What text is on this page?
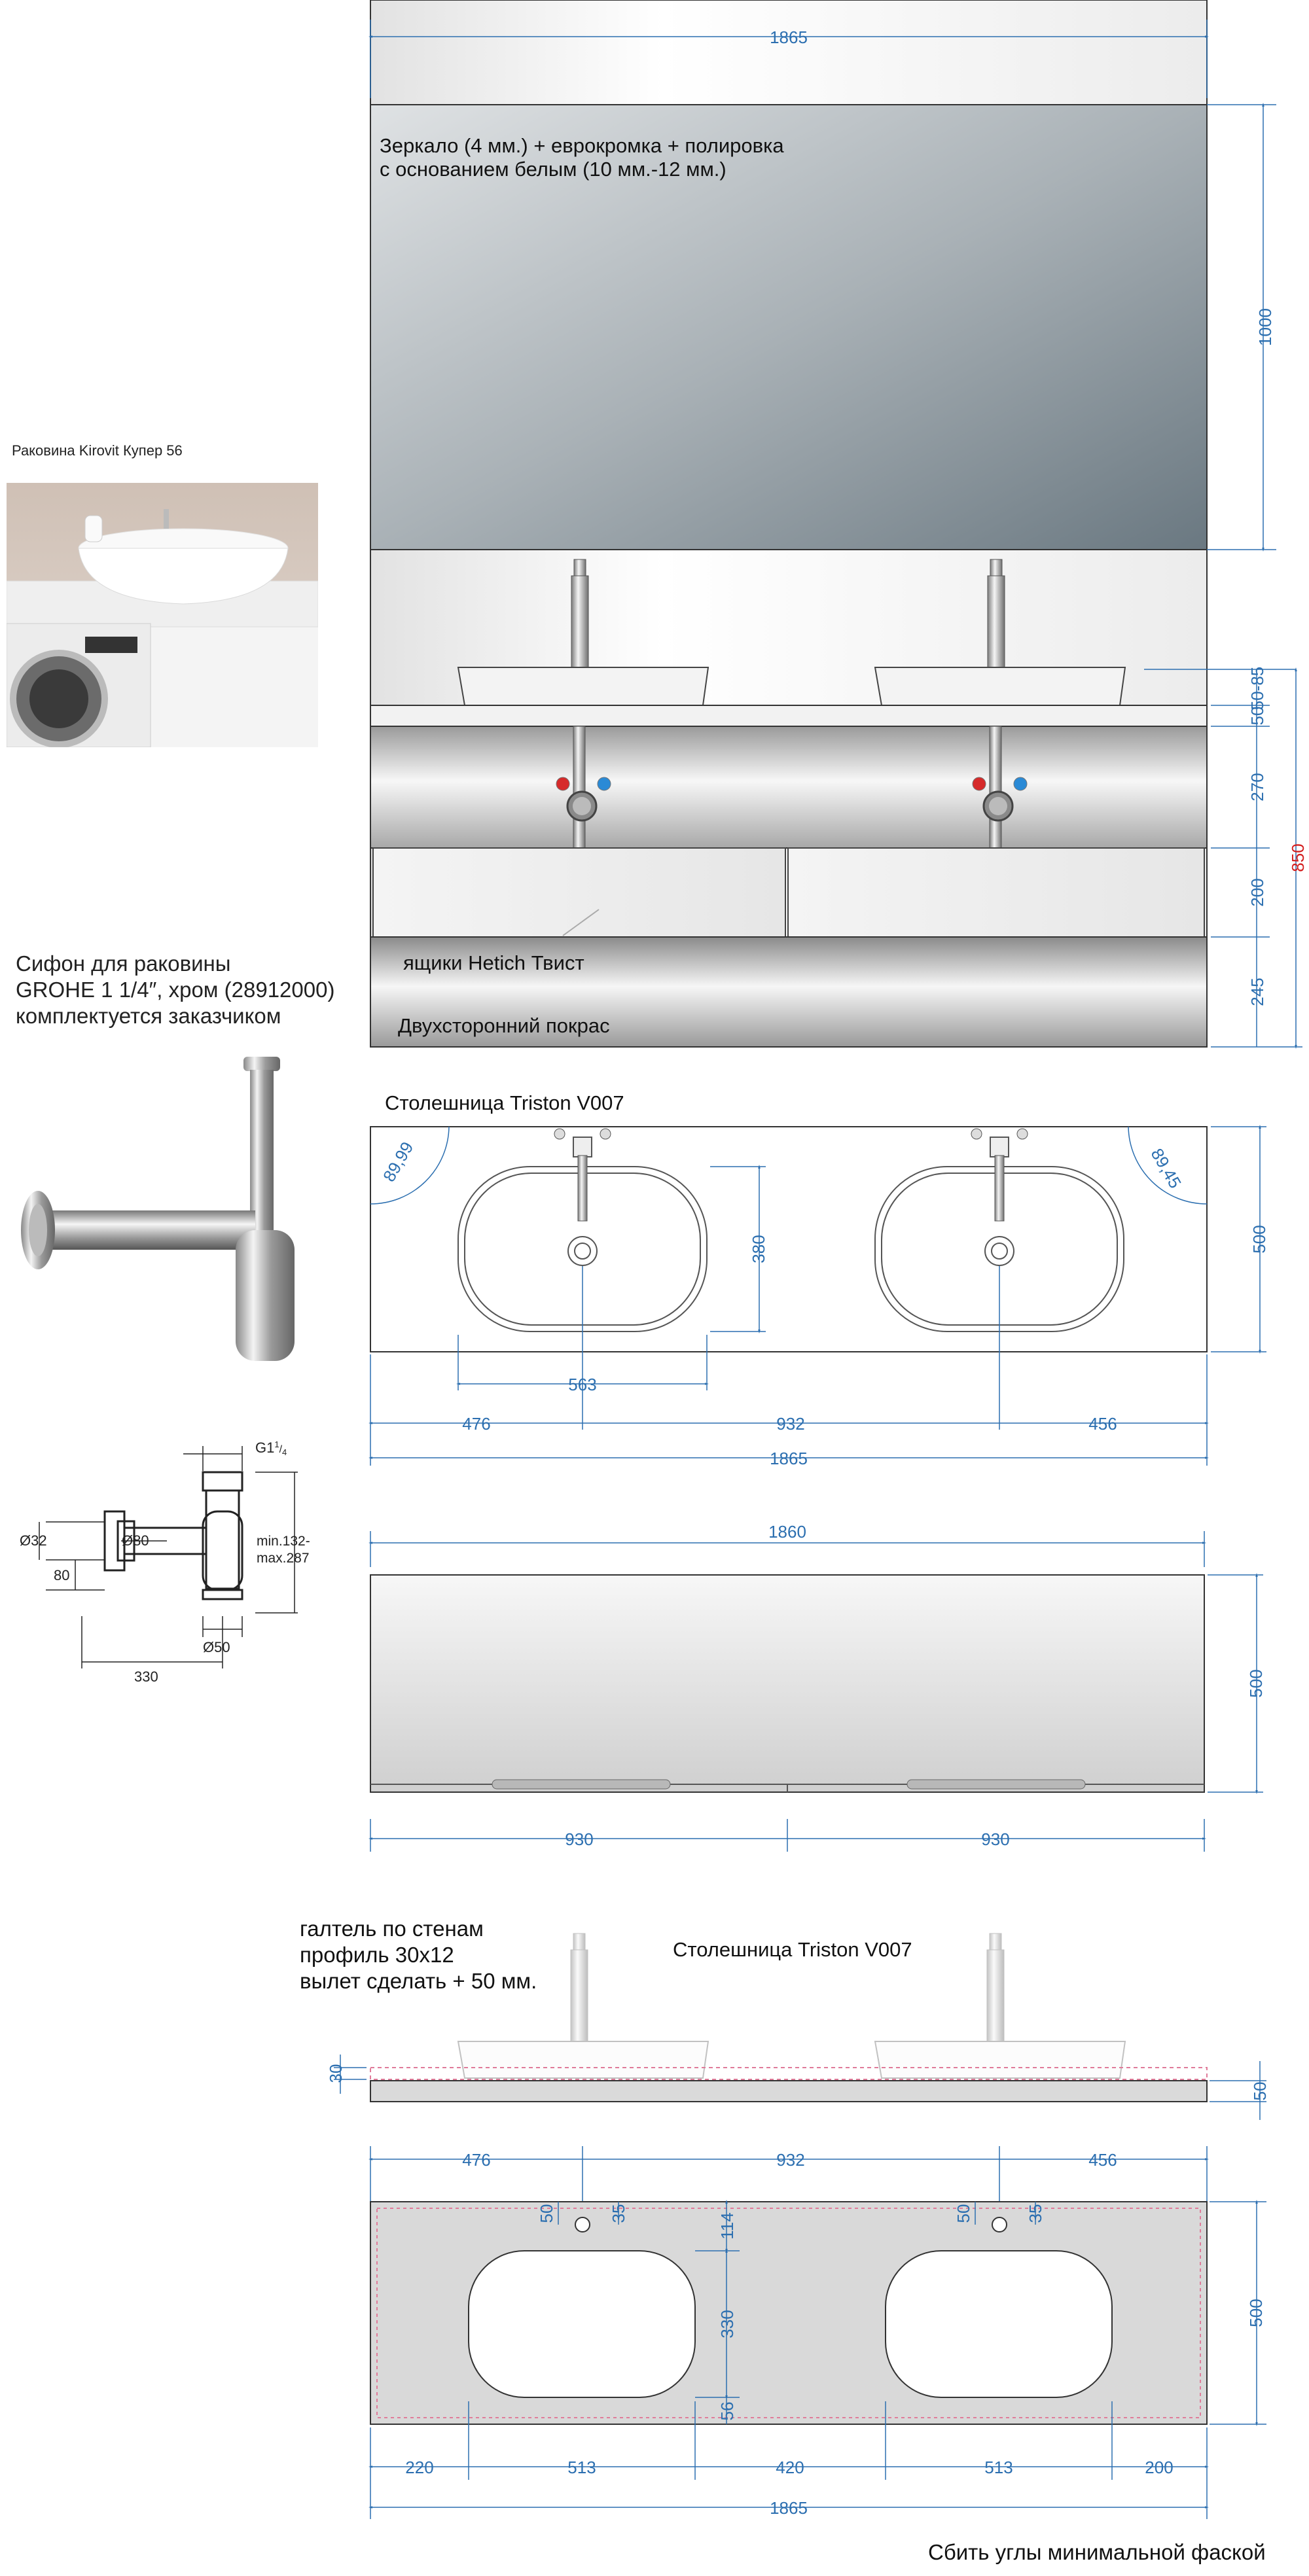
Раковина Kirovit Купер 56
Сифон для раковины
GROHE 1 1/4″, хром (28912000)
комплектуется заказчиком
$G1^1_/4$
Ø32	Ø80
80
Ø50
330
min.132-
max.287
1865
1000
50-85
50
270
200
245
850
89,99	89,45
380
563
500
476	932	456
1865
1860
500
930	930
30
50
476	932	456
50	35	50	35
114
330
56
500
220	513	420	513	200
1865
Зеркало (4 мм.) + еврокромка + полировка
с основанием белым (10 мм.-12 мм.)
ящики Hetich Твист
Двухсторонний покрас
Столешница Triston V007
галтель по стенам
профиль 30х12
вылет сделать + 50 мм.
Столешница Triston V007
Сбить углы минимальной фаской
